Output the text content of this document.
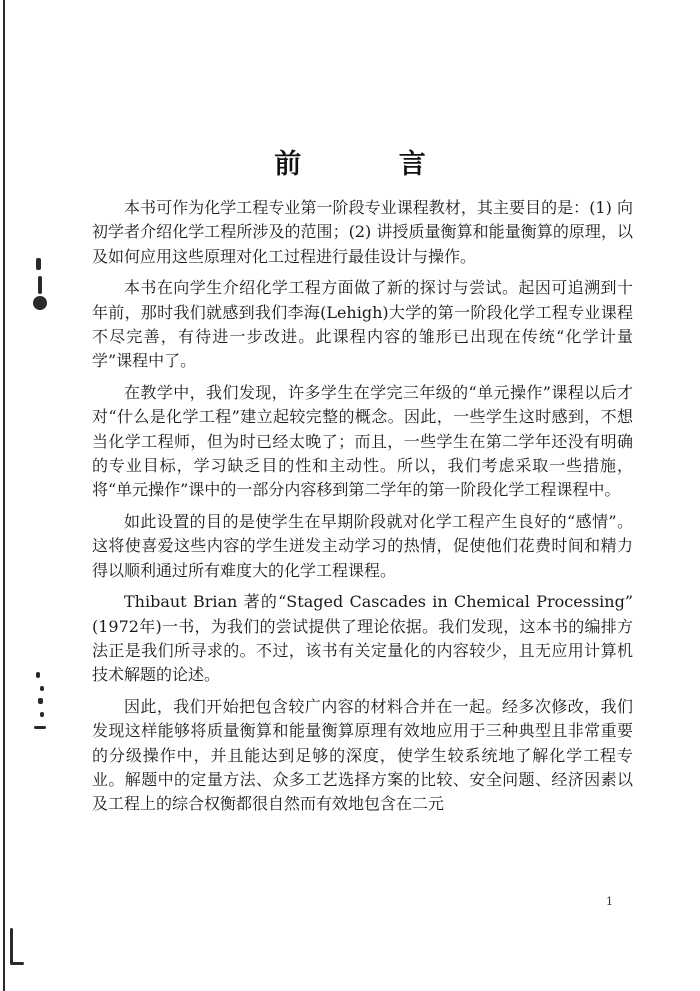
前 言

本书可作为化学工程专业第一阶段专业课程教材，其主要目的是：(1) 向初学者介绍化学工程所涉及的范围；(2) 讲授质量衡算和能量衡算的原理，以及如何应用这些原理对化工过程进行最佳设计与操作。

本书在向学生介绍化学工程方面做了新的探讨与尝试。起因可追溯到十年前，那时我们就感到我们李海(Lehigh)大学的第一阶段化学工程专业课程不尽完善，有待进一步改进。此课程内容的雏形已出现在传统“化学计量学”课程中了。

在教学中，我们发现，许多学生在学完三年级的“单元操作”课程以后才对“什么是化学工程”建立起较完整的概念。因此，一些学生这时感到，不想当化学工程师，但为时已经太晚了；而且，一些学生在第二学年还没有明确的专业目标，学习缺乏目的性和主动性。所以，我们考虑采取一些措施，将“单元操作”课中的一部分内容移到第二学年的第一阶段化学工程课程中。

如此设置的目的是使学生在早期阶段就对化学工程产生良好的“感情”。这将使喜爱这些内容的学生迸发主动学习的热情，促使他们花费时间和精力得以顺利通过所有难度大的化学工程课程。

Thibaut Brian 著的“Staged Cascades in Chemical Processing” (1972年)一书，为我们的尝试提供了理论依据。我们发现，这本书的编排方法正是我们所寻求的。不过，该书有关定量化的内容较少，且无应用计算机技术解题的论述。

因此，我们开始把包含较广内容的材料合并在一起。经多次修改，我们发现这样能够将质量衡算和能量衡算原理有效地应用于三种典型且非常重要的分级操作中，并且能达到足够的深度，使学生较系统地了解化学工程专业。解题中的定量方法、众多工艺选择方案的比较、安全问题、经济因素以及工程上的综合权衡都很自然而有效地包含在二元

1
